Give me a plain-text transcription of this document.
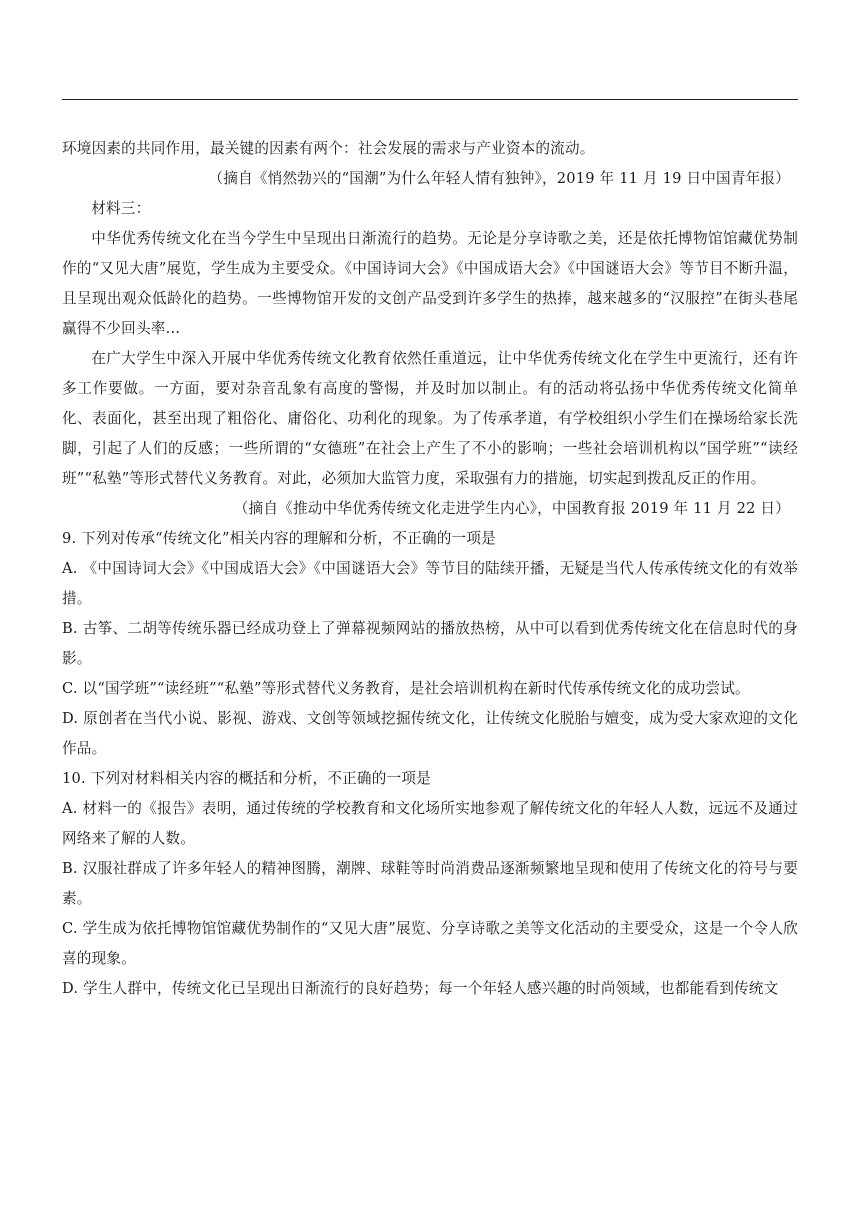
环境因素的共同作用，最关键的因素有两个：社会发展的需求与产业资本的流动。

（摘自《悄然勃兴的“国潮”为什么年轻人情有独钟》，2019 年 11 月 19 日中国青年报）

材料三：

中华优秀传统文化在当今学生中呈现出日渐流行的趋势。无论是分享诗歌之美，还是依托博物馆馆藏优势制作的“又见大唐”展览，学生成为主要受众。《中国诗词大会》《中国成语大会》《中国谜语大会》等节目不断升温，且呈现出观众低龄化的趋势。一些博物馆开发的文创产品受到许多学生的热捧，越来越多的“汉服控”在街头巷尾赢得不少回头率…

在广大学生中深入开展中华优秀传统文化教育依然任重道远，让中华优秀传统文化在学生中更流行，还有许多工作要做。一方面，要对杂音乱象有高度的警惕，并及时加以制止。有的活动将弘扬中华优秀传统文化简单化、表面化，甚至出现了粗俗化、庸俗化、功利化的现象。为了传承孝道，有学校组织小学生们在操场给家长洗脚，引起了人们的反感；一些所谓的“女德班”在社会上产生了不小的影响；一些社会培训机构以“国学班”“读经班”“私塾”等形式替代义务教育。对此，必须加大监管力度，采取强有力的措施，切实起到拨乱反正的作用。

（摘自《推动中华优秀传统文化走进学生内心》，中国教育报 2019 年 11 月 22 日）

9. 下列对传承“传统文化”相关内容的理解和分析，不正确的一项是

A. 《中国诗词大会》《中国成语大会》《中国谜语大会》等节目的陆续开播，无疑是当代人传承传统文化的有效举措。

B. 古筝、二胡等传统乐器已经成功登上了弹幕视频网站的播放热榜，从中可以看到优秀传统文化在信息时代的身影。

C. 以“国学班”“读经班”“私塾”等形式替代义务教育，是社会培训机构在新时代传承传统文化的成功尝试。

D. 原创者在当代小说、影视、游戏、文创等领域挖掘传统文化，让传统文化脱胎与嬗变，成为受大家欢迎的文化作品。

10. 下列对材料相关内容的概括和分析，不正确的一项是

A. 材料一的《报告》表明，通过传统的学校教育和文化场所实地参观了解传统文化的年轻人人数，远远不及通过网络来了解的人数。

B. 汉服社群成了许多年轻人的精神图腾，潮牌、球鞋等时尚消费品逐渐频繁地呈现和使用了传统文化的符号与要素。

C. 学生成为依托博物馆馆藏优势制作的“又见大唐”展览、分享诗歌之美等文化活动的主要受众，这是一个令人欣喜的现象。

D. 学生人群中，传统文化已呈现出日渐流行的良好趋势；每一个年轻人感兴趣的时尚领域，也都能看到传统文
